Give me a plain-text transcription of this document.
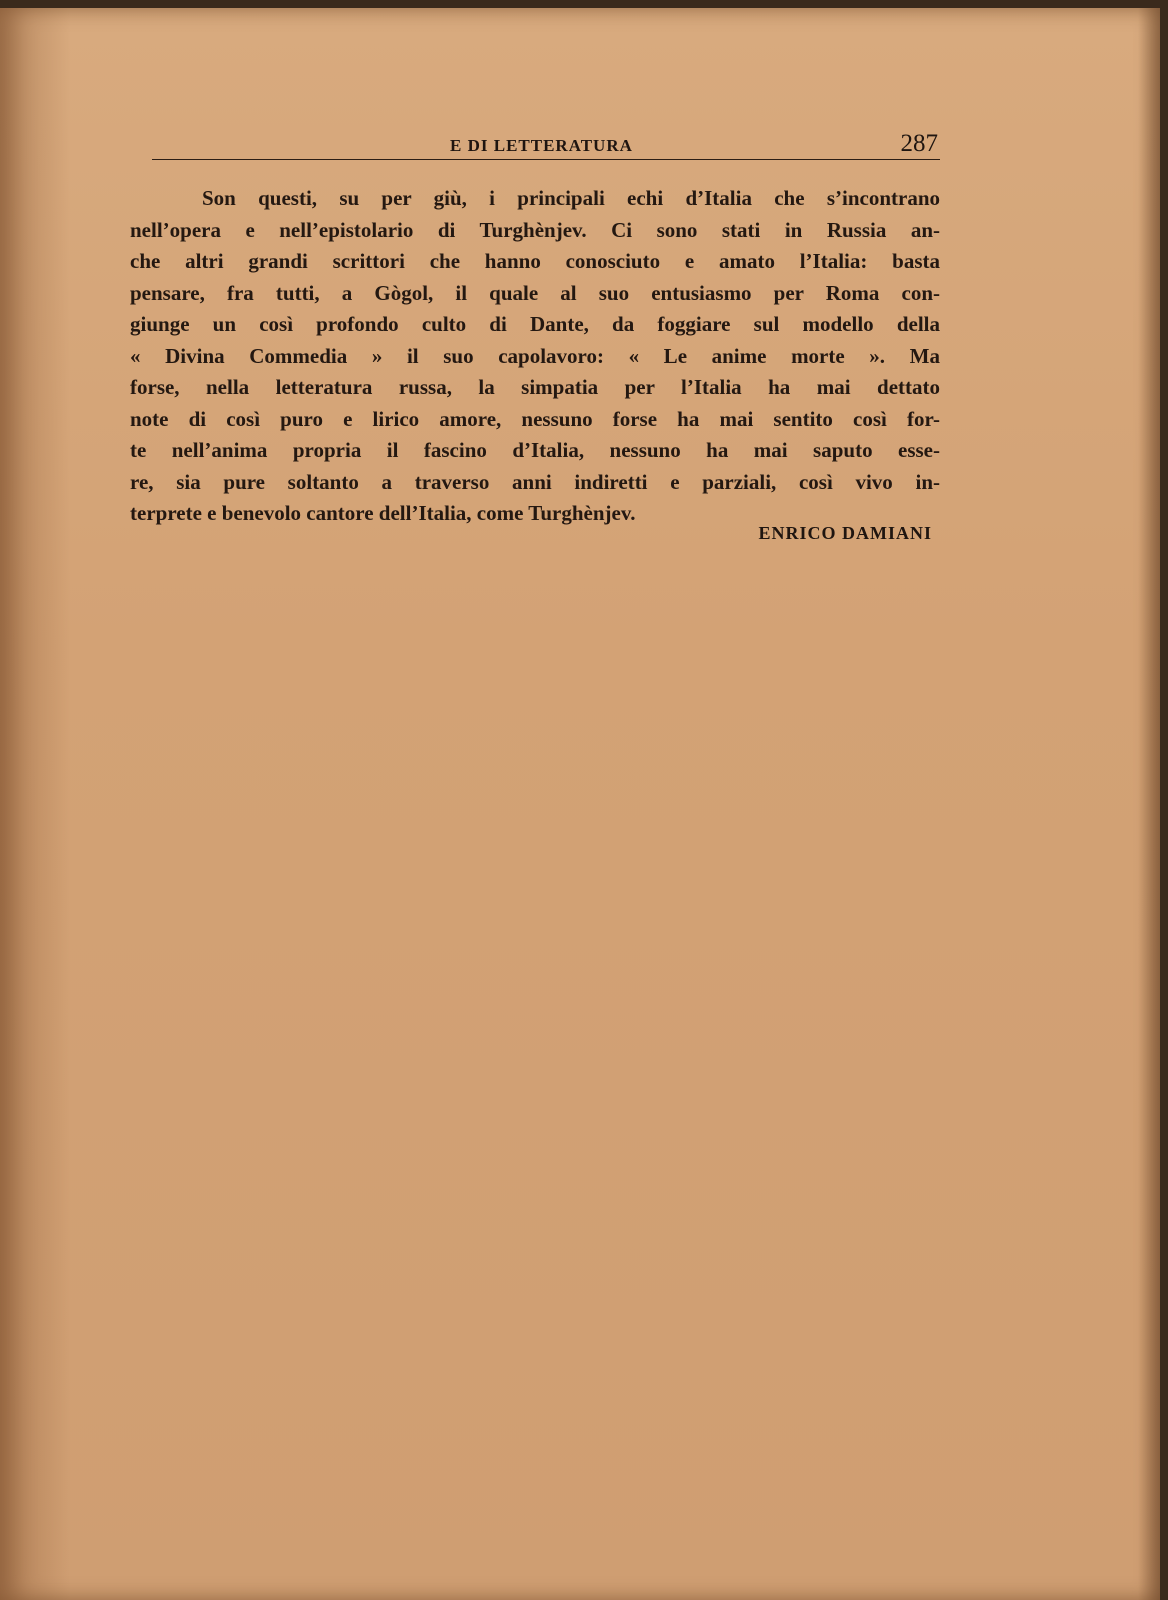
E DI LETTERATURA	287
Son questi, su per giù, i principali echi d’Italia che s’incontrano
nell’opera e nell’epistolario di Turghènjev. Ci sono stati in Russia an-
che altri grandi scrittori che hanno conosciuto e amato l’Italia: basta
pensare, fra tutti, a Gògol, il quale al suo entusiasmo per Roma con-
giunge un così profondo culto di Dante, da foggiare sul modello della
« Divina Commedia » il suo capolavoro: « Le anime morte ». Ma
forse, nella letteratura russa, la simpatia per l’Italia ha mai dettato
note di così puro e lirico amore, nessuno forse ha mai sentito così for-
te nell’anima propria il fascino d’Italia, nessuno ha mai saputo esse-
re, sia pure soltanto a traverso anni indiretti e parziali, così vivo in-
terprete e benevolo cantore dell’Italia, come Turghènjev.
ENRICO DAMIANI
